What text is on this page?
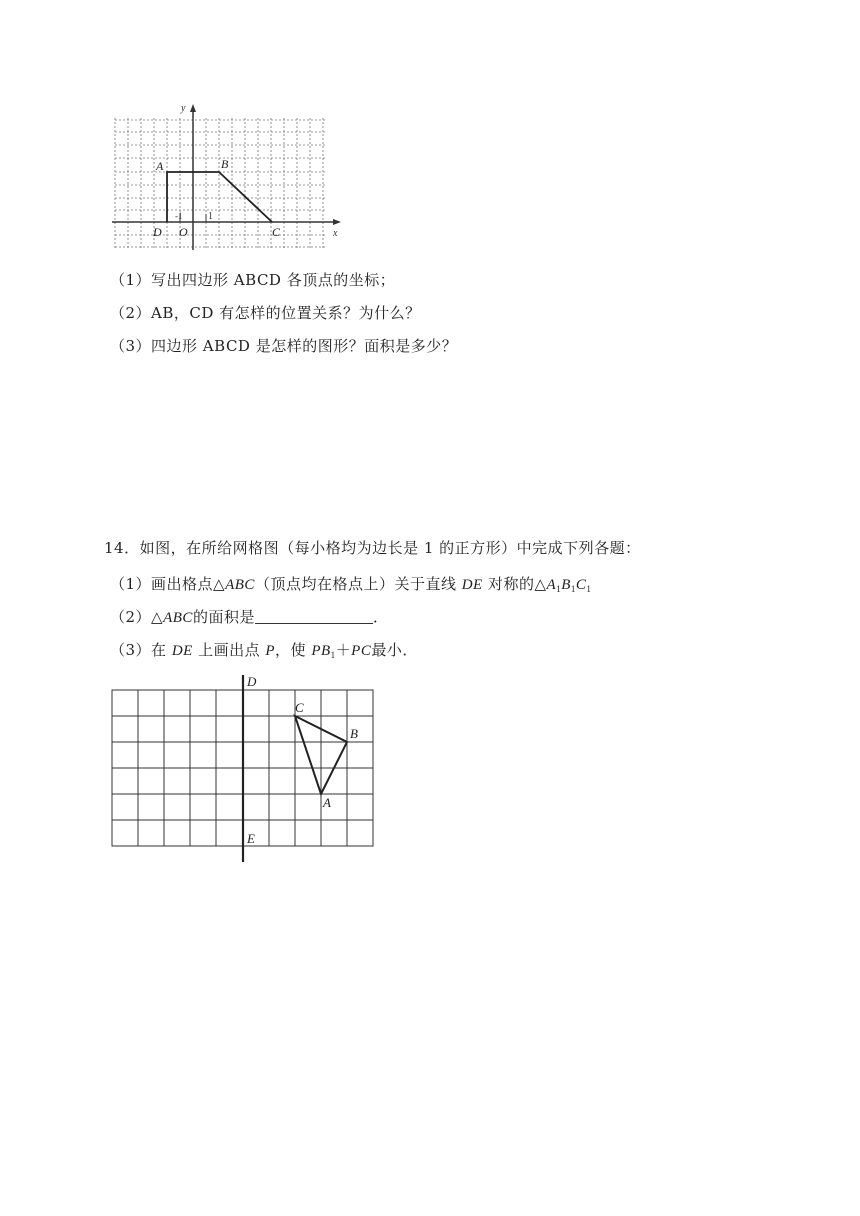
y
x
A	B
C
D O
-1	1
（1）写出四边形 ABCD 各顶点的坐标；
（2）AB，CD 有怎样的位置关系？为什么？
（3）四边形 ABCD 是怎样的图形？面积是多少？
14．如图，在所给网格图（每小格均为边长是 1 的正方形）中完成下列各题：
（1）画出格点△ABC（顶点均在格点上）关于直线 DE 对称的$\triangle A_1B_1C_1$
（2）△ABC的面积是	．
（3）在 DE 上画出点 P，使 $PB_1+PC$最小．
D
E
C
B
A
